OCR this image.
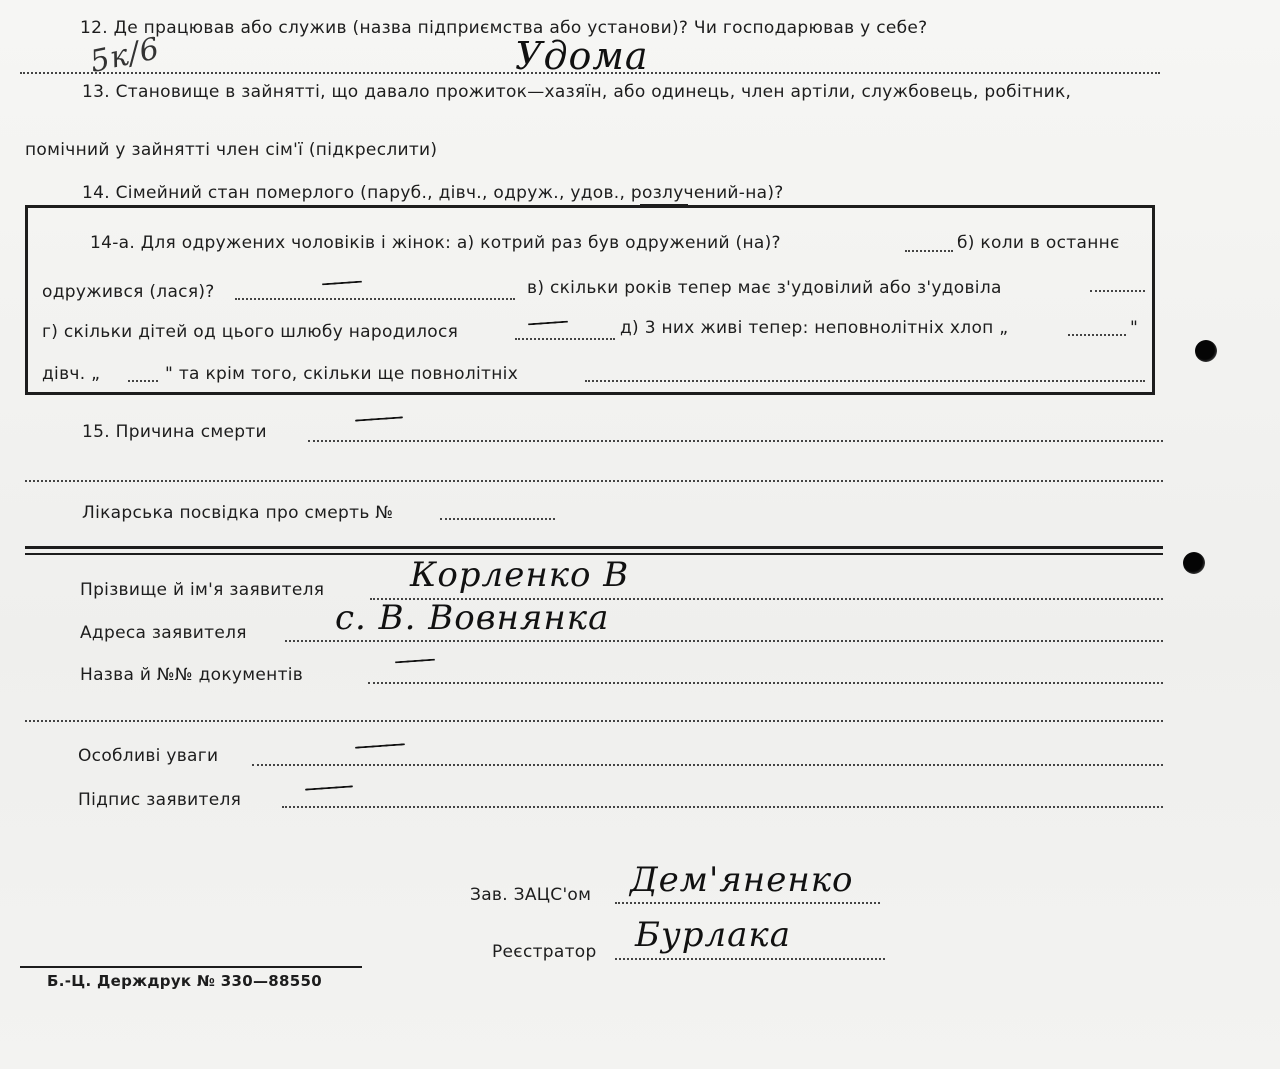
12. Де працював або служив (назва підприємства або установи)? Чи господарював у себе?
5к/6	Удома
13. Становище в зайнятті, що давало прожиток—хазяїн, або одинець, член артіли, службовець, робітник,
помічний у зайнятті член сім'ї (підкреслити)
14. Сімейний стан померлого (паруб., дівч., одруж., удов., розлучений-на)?
14-а. Для одружених чоловіків і жінок: а) котрий раз був одружений (на)?	б) коли в останнє
одружився (лася)?	в) скільки років тепер має з'удовілий або з'удовіла
г) скільки дітей од цього шлюбу народилося	д) 3 них живі тепер: неповнолітніх хлоп „	"
дівч. „	" та крім того, скільки ще повнолітніх
15. Причина смерти
Лікарська посвідка про смерть №
Прізвище й ім'я заявителя	Корленко В
Адреса заявителя	с. В. Вовнянка
Назва й №№ документів
Особливі уваги
Підпис заявителя
Зав. ЗАЦС'ом Дем'яненко
Реєстратор Бурлака
Б.-Ц. Держдрук № 330—88550
